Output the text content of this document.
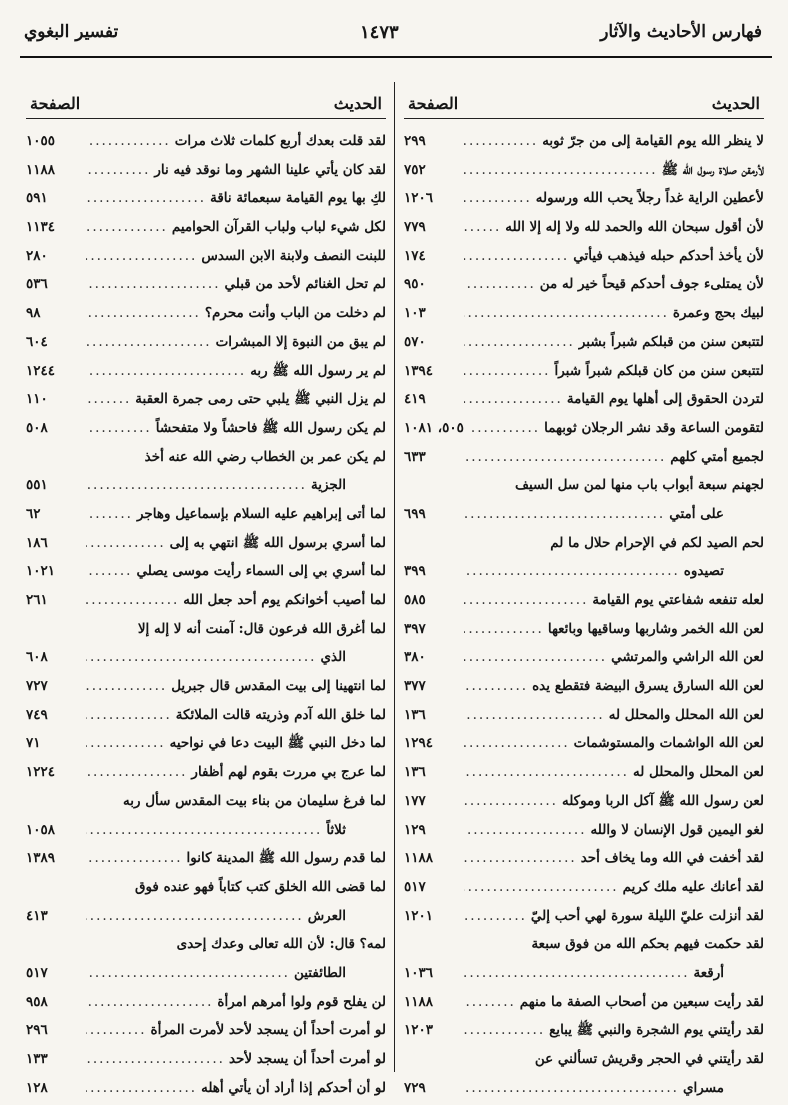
تفسير البغوي	١٤٧٣	فهارس الأحاديث والآثار
الحديث
الصفحة
لا ينظر الله يوم القيامة إلى من جرّ ثوبه
.....
٢٩٩
لأرمقن صلاة رسول الله ﷺ
.....
٧٥٢
لأعطين الراية غداً رجلاً يحب الله ورسوله
.....
١٢٠٦
لأن أقول سبحان الله والحمد لله ولا إله إلا الله
.....
٧٧٩
لأن يأخذ أحدكم حبله فيذهب فيأتي
.....
١٧٤
لأن يمتلىء جوف أحدكم قيحاً خير له من
.....
٩٥٠
لبيك بحج وعمرة
.....
١٠٣
لتتبعن سنن من قبلكم شبراً بشبر
.....
٥٧٠
لتتبعن سنن من كان قبلكم شبراً شبراً
.....
١٣٩٤
لتردن الحقوق إلى أهلها يوم القيامة
.....
٤١٩
لتقومن الساعة وقد نشر الرجلان ثوبهما
.....
٥٠٥، ١٠٨١
لجميع أمتي كلهم
.....
٦٣٣
لجهنم سبعة أبواب باب منها لمن سل السيف
على أمتي
.....
٦٩٩
لحم الصيد لكم في الإحرام حلال ما لم
تصيدوه
.....
٣٩٩
لعله تنفعه شفاعتي يوم القيامة
.....
٥٨٥
لعن الله الخمر وشاربها وساقيها وبائعها
.....
٣٩٧
لعن الله الراشي والمرتشي
.....
٣٨٠
لعن الله السارق يسرق البيضة فتقطع يده
.....
٣٧٧
لعن الله المحلل والمحلل له
.....
١٣٦
لعن الله الواشمات والمستوشمات
.....
١٢٩٤
لعن المحلل والمحلل له
.....
١٣٦
لعن رسول الله ﷺ آكل الربا وموكله
.....
١٧٧
لغو اليمين قول الإنسان لا والله
.....
١٢٩
لقد أخفت في الله وما يخاف أحد
.....
١١٨٨
لقد أعانك عليه ملك كريم
.....
٥١٧
لقد أنزلت عليّ الليلة سورة لهي أحب إليّ
.....
١٢٠١
لقد حكمت فيهم بحكم الله من فوق سبعة
أرقعة
.....
١٠٣٦
لقد رأيت سبعين من أصحاب الصفة ما منهم
.....
١١٨٨
لقد رأيتني يوم الشجرة والنبي ﷺ يبايع
.....
١٢٠٣
لقد رأيتني في الحجر وقريش تسألني عن
مسراي
.....
٧٢٩
الحديث
الصفحة
لقد قلت بعدك أربع كلمات ثلاث مرات
.....
١٠٥٥
لقد كان يأتي علينا الشهر وما نوقد فيه نار
.....
١١٨٨
لكِ بها يوم القيامة سبعمائة ناقة
.....
٥٩١
لكل شيء لباب ولباب القرآن الحواميم
.....
١١٣٤
للبنت النصف ولابنة الابن السدس
.....
٢٨٠
لم تحل الغنائم لأحد من قبلي
.....
٥٣٦
لم دخلت من الباب وأنت محرم؟
.....
٩٨
لم يبق من النبوة إلا المبشرات
.....
٦٠٤
لم ير رسول الله ﷺ ربه
.....
١٢٤٤
لم يزل النبي ﷺ يلبي حتى رمى جمرة العقبة
.....
١١٠
لم يكن رسول الله ﷺ فاحشاً ولا متفحشاً
.....
٥٠٨
لم يكن عمر بن الخطاب رضي الله عنه أخذ
الجزية
.....
٥٥١
لما أتى إبراهيم عليه السلام بإسماعيل وهاجر
.....
٦٢
لما أسري برسول الله ﷺ انتهي به إلى
.....
١٨٦
لما أسري بي إلى السماء رأيت موسى يصلي
.....
١٠٢١
لما أصيب أخوانكم يوم أحد جعل الله
.....
٢٦١
لما أغرق الله فرعون قال: آمنت أنه لا إله إلا
الذي
.....
٦٠٨
لما انتهينا إلى بيت المقدس قال جبريل
.....
٧٢٧
لما خلق الله آدم وذريته قالت الملائكة
.....
٧٤٩
لما دخل النبي ﷺ البيت دعا في نواحيه
.....
٧١
لما عرج بي مررت بقوم لهم أظفار
.....
١٢٢٤
لما فرغ سليمان من بناء بيت المقدس سأل ربه
ثلاثاً
.....
١٠٥٨
لما قدم رسول الله ﷺ المدينة كانوا
.....
١٣٨٩
لما قضى الله الخلق كتب كتاباً فهو عنده فوق
العرش
.....
٤١٣
لمه؟ قال: لأن الله تعالى وعدك إحدى
الطائفتين
.....
٥١٧
لن يفلح قوم ولوا أمرهم امرأة
.....
٩٥٨
لو أمرت أحداً أن يسجد لأحد لأمرت المرأة
.....
٢٩٦
لو أمرت أحداً أن يسجد لأحد
.....
١٣٣
لو أن أحدكم إذا أراد أن يأتي أهله
.....
١٢٨
